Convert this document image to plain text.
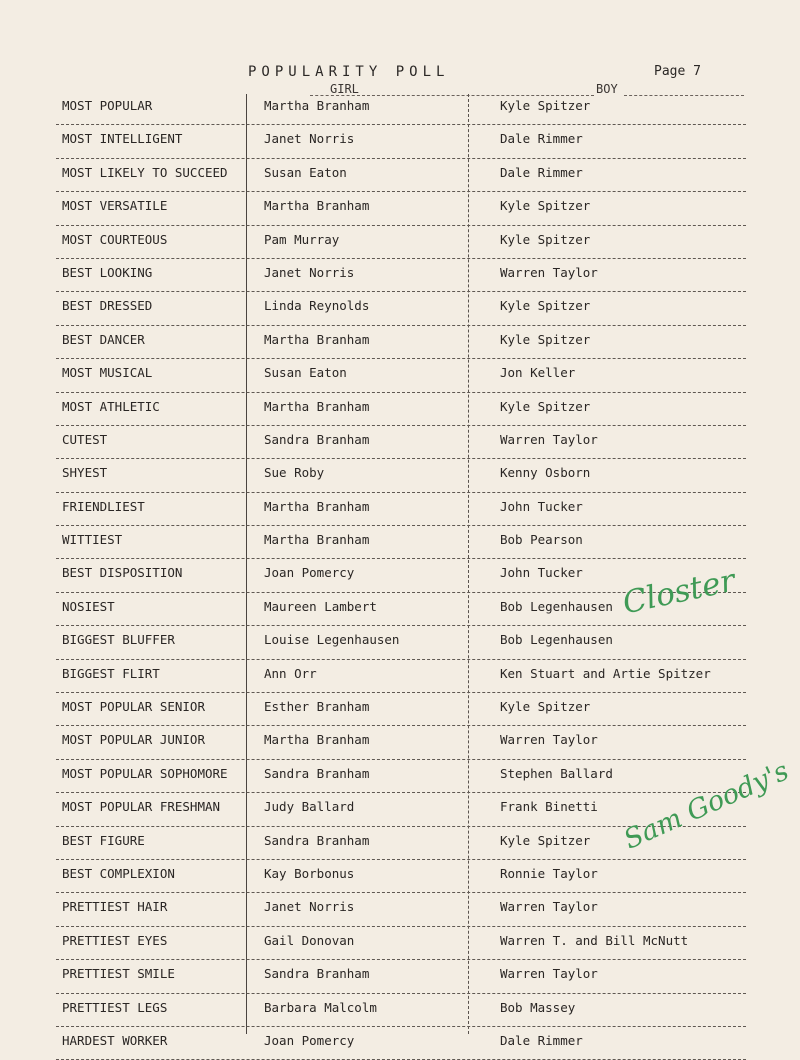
POPULARITY POLL	Page 7
GIRL	BOY
MOST POPULAR	Martha Branham	Kyle Spitzer
MOST INTELLIGENT	Janet Norris	Dale Rimmer
MOST LIKELY TO SUCCEED	Susan Eaton	Dale Rimmer
MOST VERSATILE	Martha Branham	Kyle Spitzer
MOST COURTEOUS	Pam Murray	Kyle Spitzer
BEST LOOKING	Janet Norris	Warren Taylor
BEST DRESSED	Linda Reynolds	Kyle Spitzer
BEST DANCER	Martha Branham	Kyle Spitzer
MOST MUSICAL	Susan Eaton	Jon Keller
MOST ATHLETIC	Martha Branham	Kyle Spitzer
CUTEST	Sandra Branham	Warren Taylor
SHYEST	Sue Roby	Kenny Osborn
FRIENDLIEST	Martha Branham	John Tucker
WITTIEST	Martha Branham	Bob Pearson
BEST DISPOSITION	Joan Pomercy	John Tucker
NOSIEST	Maureen Lambert	Bob Legenhausen
BIGGEST BLUFFER	Louise Legenhausen	Bob Legenhausen
BIGGEST FLIRT	Ann Orr	Ken Stuart and Artie Spitzer
MOST POPULAR SENIOR	Esther Branham	Kyle Spitzer
MOST POPULAR JUNIOR	Martha Branham	Warren Taylor
MOST POPULAR SOPHOMORE	Sandra Branham	Stephen Ballard
MOST POPULAR FRESHMAN	Judy Ballard	Frank Binetti
BEST FIGURE	Sandra Branham	Kyle Spitzer
BEST COMPLEXION	Kay Borbonus	Ronnie Taylor
PRETTIEST HAIR	Janet Norris	Warren Taylor
PRETTIEST EYES	Gail Donovan	Warren T. and Bill McNutt
PRETTIEST SMILE	Sandra Branham	Warren Taylor
PRETTIEST LEGS	Barbara Malcolm	Bob Massey
HARDEST WORKER	Joan Pomercy	Dale Rimmer
Closter
Sam Goody's
